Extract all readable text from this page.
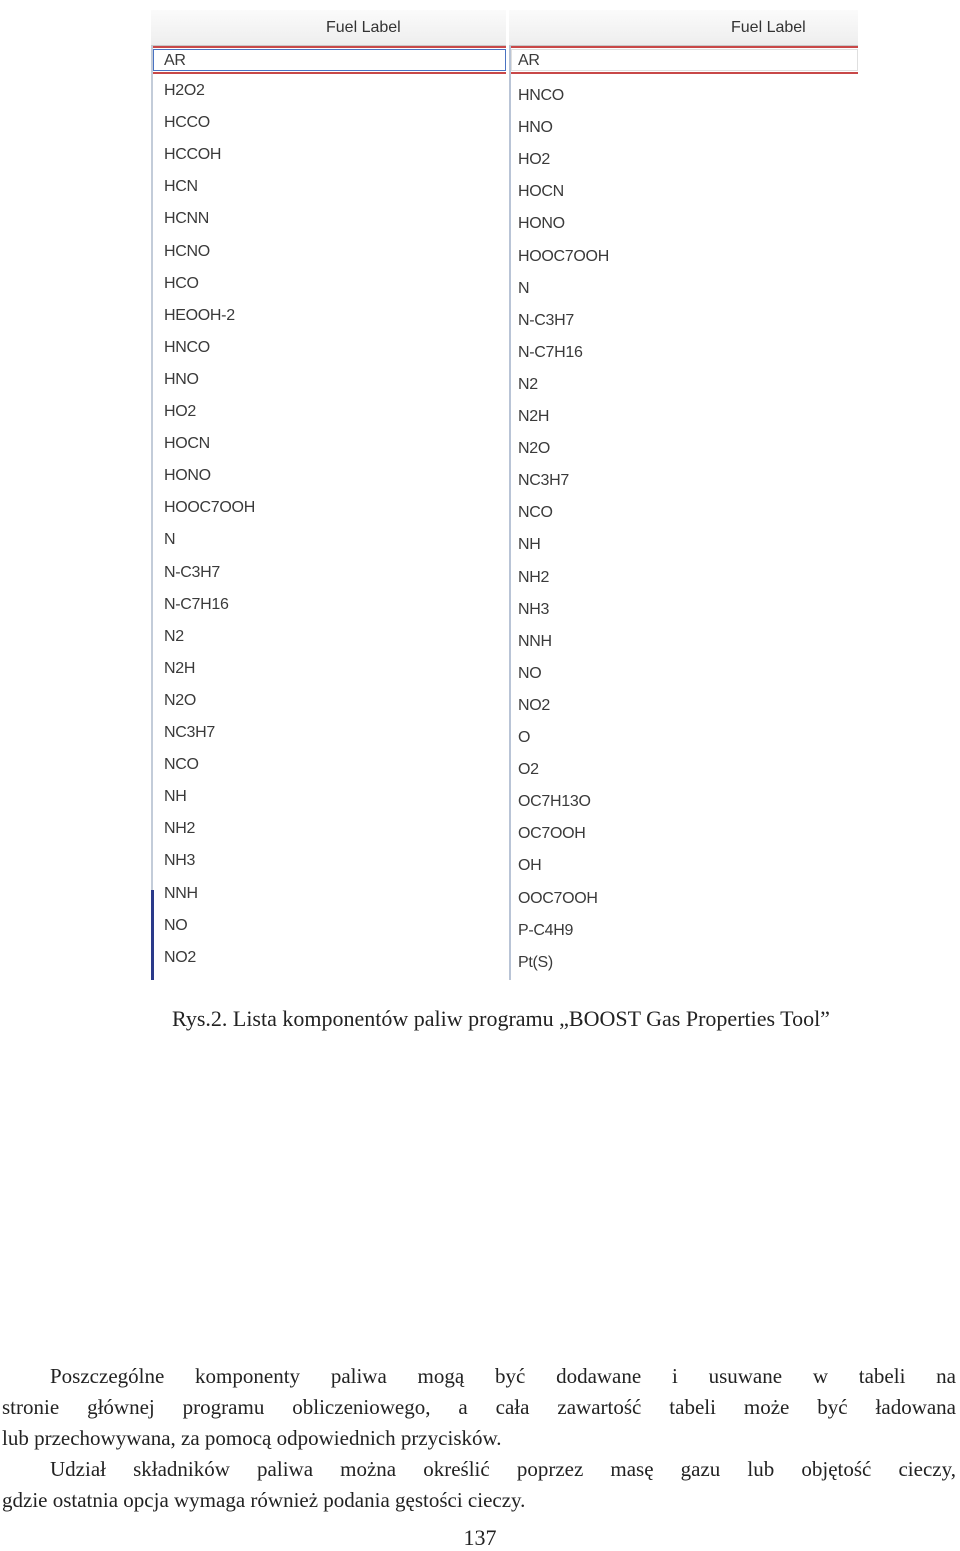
Fuel Label
AR
H2O2
HCCO
HCCOH
HCN
HCNN
HCNO
HCO
HEOOH-2
HNCO
HNO
HO2
HOCN
HONO
HOOC7OOH
N
N-C3H7
N-C7H16
N2
N2H
N2O
NC3H7
NCO
NH
NH2
NH3
NNH
NO
NO2
Fuel Label
AR
HNCO
HNO
HO2
HOCN
HONO
HOOC7OOH
N
N-C3H7
N-C7H16
N2
N2H
N2O
NC3H7
NCO
NH
NH2
NH3
NNH
NO
NO2
O
O2
OC7H13O
OC7OOH
OH
OOC7OOH
P-C4H9
Pt(S)
Rys.2. Lista komponentów paliw programu „BOOST Gas Properties Tool”
Poszczególne komponenty paliwa mogą być dodawane i usuwane w tabeli na
stronie głównej programu obliczeniowego, a cała zawartość tabeli może być ładowana
lub przechowywana, za pomocą odpowiednich przycisków.
Udział składników paliwa można określić poprzez masę gazu lub objętość cieczy,
gdzie ostatnia opcja wymaga również podania gęstości cieczy.
137
